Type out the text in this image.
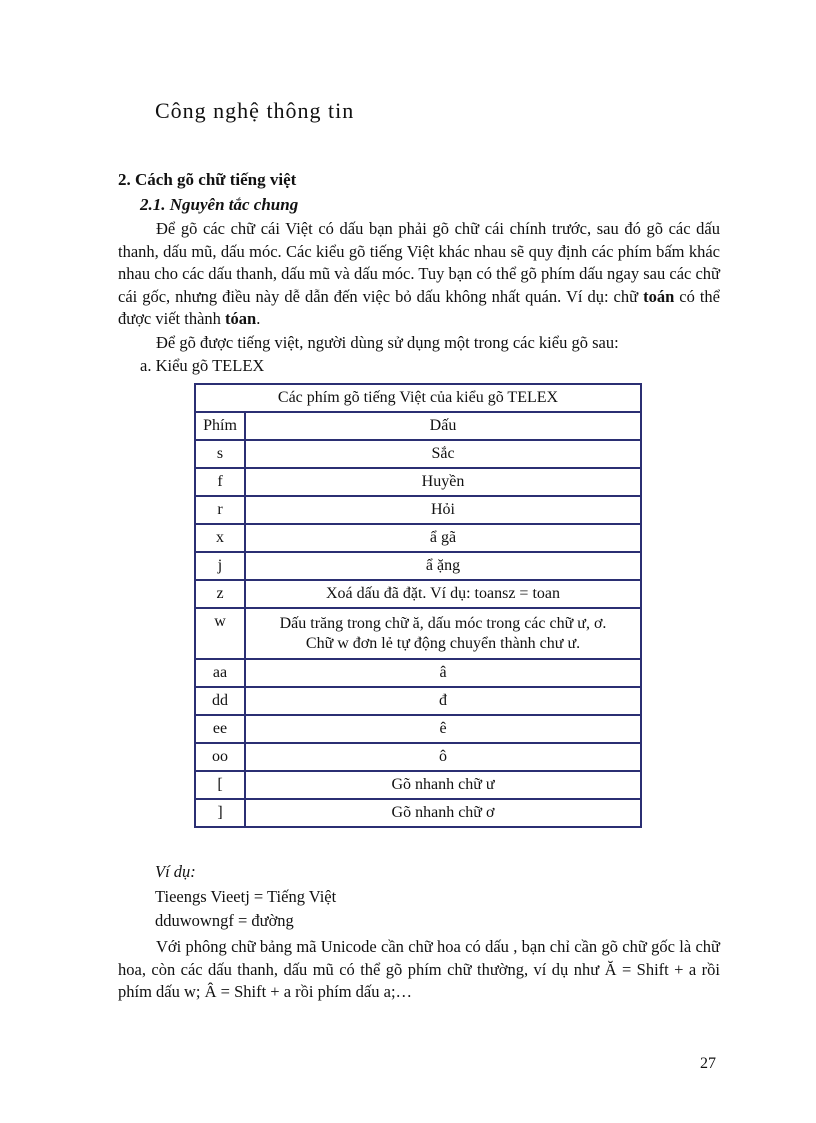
Công nghệ thông tin
2. Cách gõ chữ tiếng việt
2.1. Nguyên tắc chung

Để gõ các chữ cái Việt có dấu bạn phải gõ chữ cái chính trước, sau đó gõ các dấu thanh, dấu mũ, dấu móc. Các kiểu gõ tiếng Việt khác nhau sẽ quy định các phím bấm khác nhau cho các dấu thanh, dấu mũ và dấu móc. Tuy bạn có thể gõ phím dấu ngay sau các chữ cái gốc, nhưng điều này dễ dẫn đến việc bỏ dấu không nhất quán. Ví dụ: chữ toán có thể được viết thành tóan.

Để gõ được tiếng việt, người dùng sử dụng một trong các kiểu gõ sau:

a. Kiểu gõ TELEX
Các phím gõ tiếng Việt của kiểu gõ TELEX	
Phím	Dấu
s	Sắc
f	Huyền
r	Hỏi
x	ẩ gã
j	ẩ ặng
z	Xoá dấu đã đặt. Ví dụ: toansz = toan
w	Dấu trăng trong chữ ă, dấu móc trong các chữ ư, ơ.
Chữ w đơn lẻ tự động chuyển thành chư ư.

aa	â
dd	đ
ee	ê
oo	ô
[	Gõ nhanh chữ ư
]	Gõ nhanh chữ ơ
Ví dụ:
Tieengs Vieetj = Tiếng Việt
dduwowngf = đường

Với phông chữ bảng mã Unicode cần chữ hoa có dấu , bạn chỉ cần gõ chữ gốc là chữ hoa, còn các dấu thanh, dấu mũ có thể gõ phím chữ thường, ví dụ như Ă = Shift + a rồi phím dấu w; Â = Shift + a rồi phím dấu a;…

27
